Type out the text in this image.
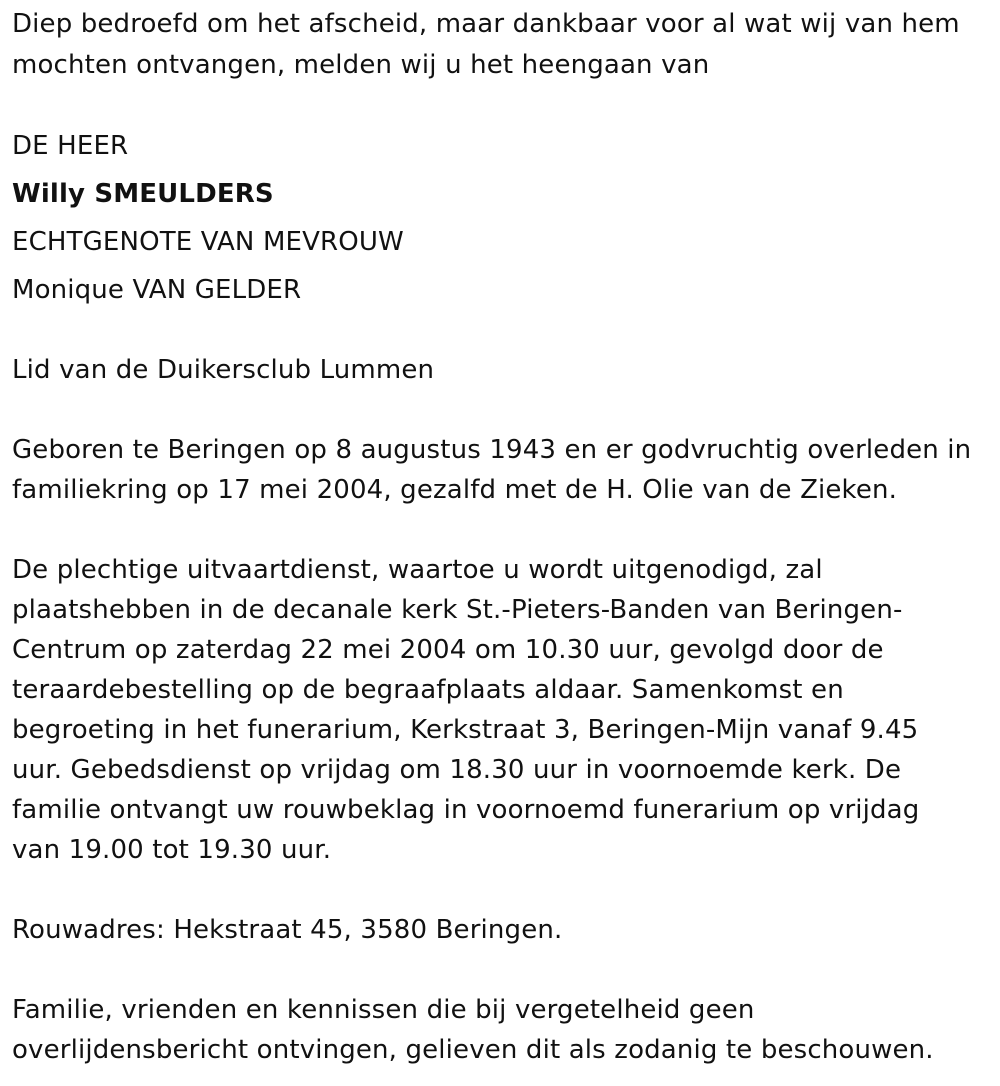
Diep bedroefd om het afscheid, maar dankbaar voor al wat wij van hem
mochten ontvangen, melden wij u het heengaan van
DE HEER
Willy SMEULDERS
ECHTGENOTE VAN MEVROUW
Monique VAN GELDER
Lid van de Duikersclub Lummen
Geboren te Beringen op 8 augustus 1943 en er godvruchtig overleden in
familiekring op 17 mei 2004, gezalfd met de H. Olie van de Zieken.
De plechtige uitvaartdienst, waartoe u wordt uitgenodigd, zal
plaatshebben in de decanale kerk St.-Pieters-Banden van Beringen-
Centrum op zaterdag 22 mei 2004 om 10.30 uur, gevolgd door de
teraardebestelling op de begraafplaats aldaar. Samenkomst en
begroeting in het funerarium, Kerkstraat 3, Beringen-Mijn vanaf 9.45
uur. Gebedsdienst op vrijdag om 18.30 uur in voornoemde kerk. De
familie ontvangt uw rouwbeklag in voornoemd funerarium op vrijdag
van 19.00 tot 19.30 uur.
Rouwadres: Hekstraat 45, 3580 Beringen.
Familie, vrienden en kennissen die bij vergetelheid geen
overlijdensbericht ontvingen, gelieven dit als zodanig te beschouwen.
